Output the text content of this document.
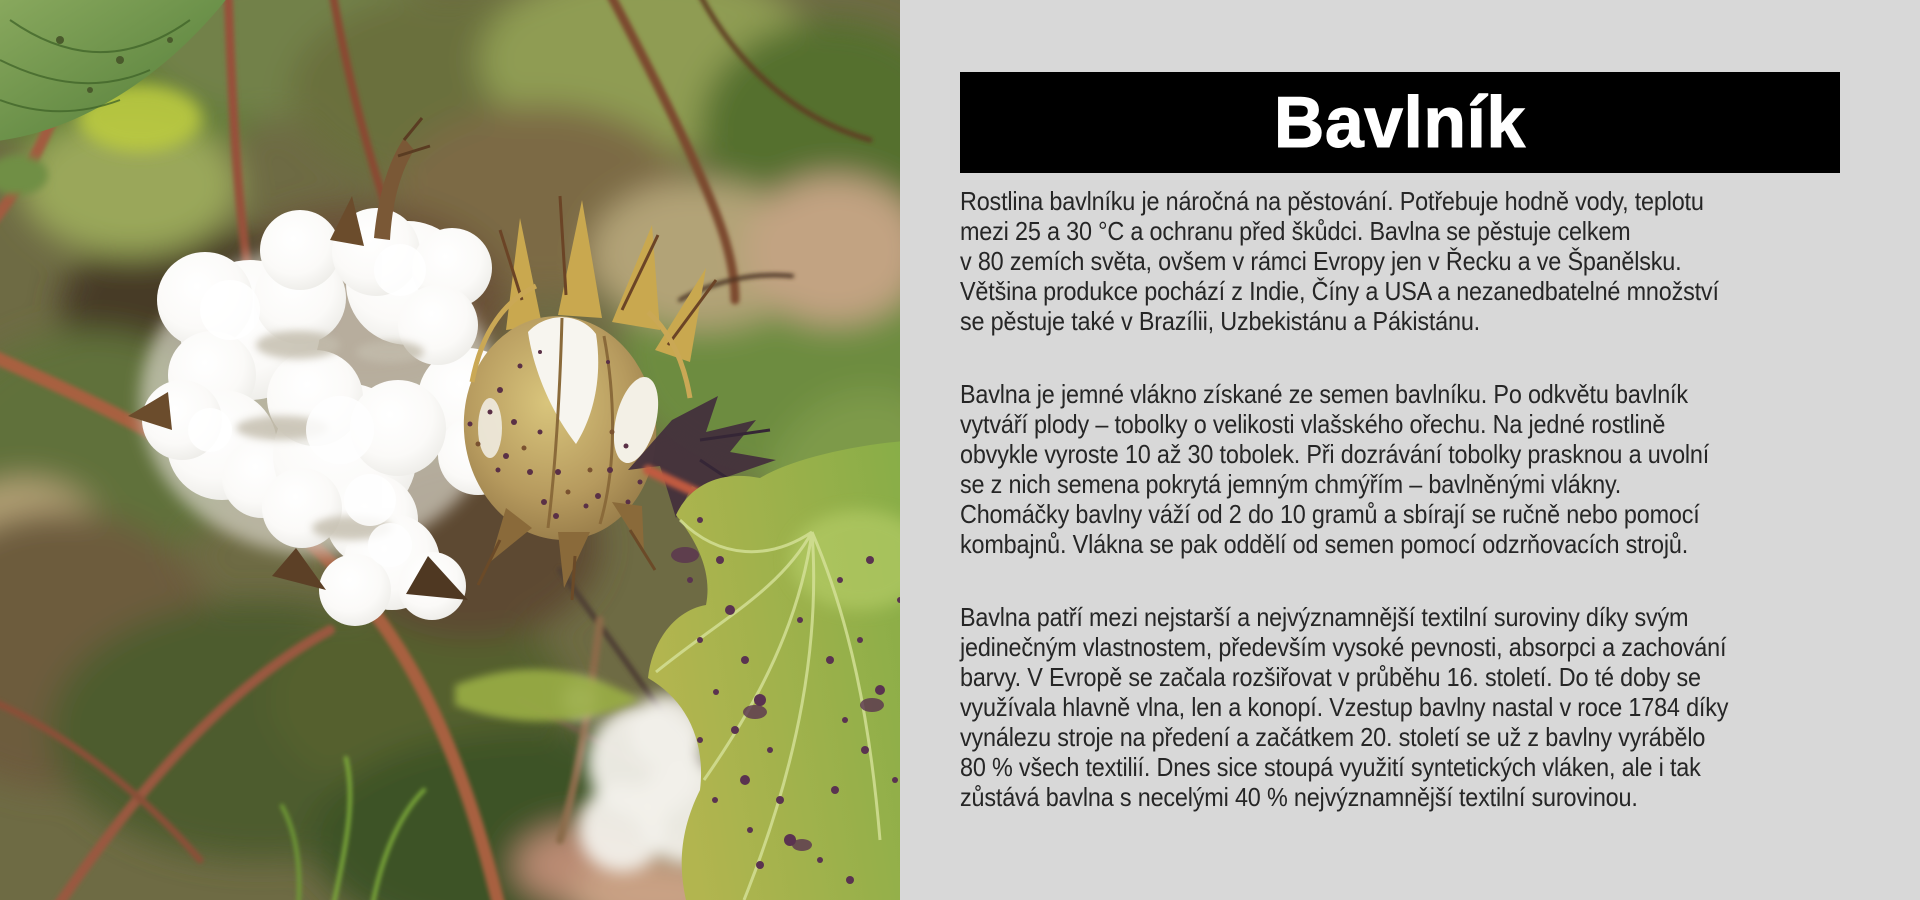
Bavlník

Rostlina bavlníku je náročná na pěstování. Potřebuje hodně vody, teplotu
mezi 25 a 30 °C a ochranu před škůdci. Bavlna se pěstuje celkem
v 80 zemích světa, ovšem v rámci Evropy jen v Řecku a ve Španělsku.
Většina produkce pochází z Indie, Číny a USA a nezanedbatelné množství
se pěstuje také v Brazílii, Uzbekistánu a Pákistánu.

Bavlna je jemné vlákno získané ze semen bavlníku. Po odkvětu bavlník
vytváří plody – tobolky o velikosti vlašského ořechu. Na jedné rostlině
obvykle vyroste 10 až 30 tobolek. Při dozrávání tobolky prasknou a uvolní
se z nich semena pokrytá jemným chmýřím – bavlněnými vlákny.
Chomáčky bavlny váží od 2 do 10 gramů a sbírají se ručně nebo pomocí
kombajnů. Vlákna se pak oddělí od semen pomocí odzrňovacích strojů.

Bavlna patří mezi nejstarší a nejvýznamnější textilní suroviny díky svým
jedinečným vlastnostem, především vysoké pevnosti, absorpci a zachování
barvy. V Evropě se začala rozšiřovat v průběhu 16. století. Do té doby se
využívala hlavně vlna, len a konopí. Vzestup bavlny nastal v roce 1784 díky
vynálezu stroje na předení a začátkem 20. století se už z bavlny vyrábělo
80 % všech textilií. Dnes sice stoupá využití syntetických vláken, ale i tak
zůstává bavlna s necelými 40 % nejvýznamnější textilní surovinou.
